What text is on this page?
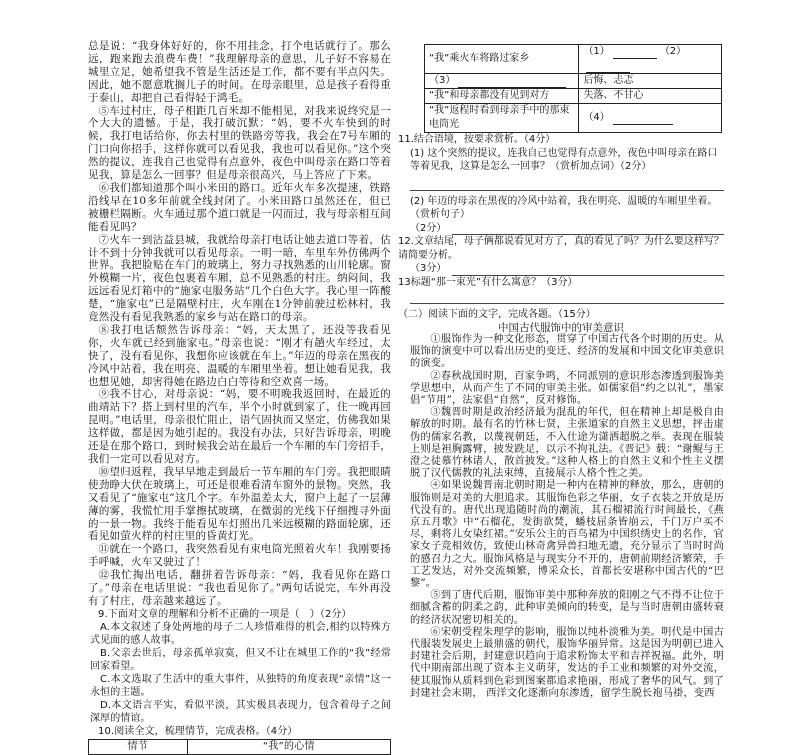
总是说：“我身体好好的，你不用挂念，打个电话就行了。那么远，跑来跑去浪费车费！”我理解母亲的意思，儿子好不容易在城里立足，她希望我不管是生活还是工作，都不要有半点闪失。因此，她不愿意耽搁儿子的时间。在母亲眼里，总是孩子看得重于泰山，却把自己看得轻于鸿毛。

⑤车过村庄，母子相距几百米却不能相见，对我来说终究是一个大大的遗憾。于是，我打破沉默：“妈，要不火车快到的时候，我打电话给你，你去村里的铁路旁等我，我会在7号车厢的门口向你招手，这样你就可以看见我，我也可以看见你。”这个突然的提议，连我自己也觉得有点意外，夜色中叫母亲在路口等着见我，算是怎么一回事？但是母亲很高兴，马上答应了下来。

⑥我们都知道那个叫小米田的路口。近年火车多次提速，铁路沿线早在10多年前就全线封闭了。小米田路口虽然还在，但已被栅栏隔断。火车通过那个道口就是一闪而过，我与母亲相互间能看见吗？

⑦火车一到沾益县城，我就给母亲打电话让她去道口等着，估计不到十分钟我就可以看见母亲。一明一暗，车里车外仿佛两个世界。我把脸贴在车门的玻璃上，努力寻找熟悉的山川轮廓。窗外模糊一片，夜色包裹着车厢，总不见熟悉的村庄。纳闷间，我远远看见灯箱中的“施家屯服务站”几个白色大字。我心里一阵酸楚，“施家屯”已是隔壁村庄，火车刚在1分钟前驶过松林村，我竟然没有看见我熟悉的家乡与站在路口的母亲。

⑧我打电话颓然告诉母亲：“妈，天太黑了，还没等我看见你，火车就已经到施家屯。”母亲也说：“刚才有趟火车经过，太快了，没有看见你，我想你应该就在车上。”年迈的母亲在黑夜的冷风中站着，我在明亮、温暖的车厢里坐着。想让她看见我，我也想见她，却害得她在路边白白等待和空欢喜一场。

⑨我不甘心，对母亲说：“妈，要不明晚我返回时，在最近的曲靖站下？搭上到村里的汽车，半个小时就到家了，住一晚再回昆明。”电话里，母亲很忙阻止，语气固执而又坚定，仿佛我如果这样做，都是因为她引起的。我没有办法，只好告诉母亲，明晚还是在那个路口，到时候我会站在最后一个车厢的车门旁招手，我们一定可以看见对方。

⑩望归返程，我早早地走到最后一节车厢的车门旁。我把眼睛使劲睁大伏在玻璃上，可还是很难看清车窗外的景物。突然，我又看见了“施家屯”这几个字。车外温差太大，窗户上起了一层薄薄的雾，我慌忙用手掌擦拭玻璃，在微弱的光线下仔细搜寻外面的一景一物。我终于能看见车灯照出几米远模糊的路面轮廓，还看见如萤火样的村庄里的昏黄灯光。

⑪就在一个路口，我突然看见有束电筒光照着火车！我刚要扬手呼喊，火车又驶过了！

⑫我忙掏出电话，翻拼着告诉母亲：“妈，我看见你在路口了。”母亲在电话里说：“我也看见你了。”两句话说完，车外再没有了村庄，母亲越来越远了。

9.下面对文章的理解和分析不正确的一项是（　）（2分）

A.本文叙述了身处两地的母子二人珍惜难得的机会,相约以特殊方式见面的感人故事。

B.父亲去世后，母亲孤单寂寞，但又不让在城里工作的“我”经常回家看望。

C.本文选取了生活中的重大事件，从独特的角度表现“亲情”这一永恒的主题。

D.本文语言平实，看似平淡，其实极具表现力，包含着母子之间深厚的情谊。

10.阅读全文，梳理情节，完成表格。（4分）

情节	“我”的心情
“我”乘火车将路过家乡	（1） （2）
（3）	后悔、忐忑
“我”和母亲都没有见到对方	失落、不甘心
“我”返程时看到母亲手中的那束电筒光	（4）

11.结合语境，按要求赏析。（4分）

(1) 这个突然的提议，连我自己也觉得有点意外，夜色中叫母亲在路口等着见我，这算是怎么一回事？（赏析加点词）（2分）

(2) 年迈的母亲在黑夜的冷风中站着，我在明亮、温暖的车厢里坐着。（赏析句子）

（2分）

12.文章结尾，母子俩都说看见对方了，真的看见了吗？为什么要这样写？请简要分析。

（3分）

13标题“那一束光”有什么寓意？（3分）

（二）阅读下面的文字，完成各题。（15分）

中国古代服饰中的审美意识

①服饰作为一种文化形态，贯穿了中国古代各个时期的历史。从服饰的演变中可以看出历史的变迁、经济的发展和中国文化审美意识的演变。

②春秋战国时期，百家争鸣，不同派别的意识形态渗透到服饰美学思想中，从而产生了不同的审美主张。如儒家倡“约之以礼”，墨家倡“节用”，法家倡“自然”，反对修饰。

③魏晋时期是政治经济最为混乱的年代，但在精神上却是极自由解放的时期。最有名的竹林七贤，主张道家的自然主义思想，抨击虚伪的儒家名教，以蔑视朝廷，不入仕途为潇洒超脱之举。表现在服装上则是袒胸露臂，披发跣足，以示不拘礼法。《晋记》载：“谢鲲与王澄之徒慕竹林诸人，散首披发。”这种人格上的自然主义和个性主义摆脱了汉代儒教的礼法束缚，直接展示人格个性之美。

④如果说魏晋南北朝时期是一种内在精神的释放，那么，唐朝的服饰则是对美的大胆追求。其服饰色彩之华丽，女子衣装之开放是历代没有的。唐代出现追随时尚的潮流，其石榴裙流行时间最长，《燕京五月歌》中“石榴花，发街欲焚，蟠枝屈条皆崩云，千门万户买不尽，剩将儿女染红裙。”安乐公主的百鸟裙为中国织绣史上的名作，官家女子竞相效仿，致使山林奇禽异兽扫地无遗，充分显示了当时时尚的感召力之大。服饰风格是与现实分不开的，唐朝前期经济繁荣，手工艺发达，对外交流频繁，博采众长，首都长安堪称中国古代的“巴黎”。

⑤到了唐代后期，服饰审美中那种奔放的阳刚之气不得不让位于细腻含蓄的阴柔之韵，此种审美倾向的转变，是与当时唐朝由盛转衰的经济状况密切相关的。

⑥宋朝受程朱理学的影响，服饰以纯朴淡雅为美。明代是中国古代服装发展史上最鼎盛的朝代，服饰华丽异常。这是因为明朝已进入封建社会后期，封建意识趋向于追求粉饰太平和吉祥祝福。此外，明代中期南部出现了资本主义萌芽，发达的手工业和频繁的对外交流，使其服饰从质料到色彩到图案都追求艳丽，形成了奢华的风气。到了封建社会末期， 西洋文化逐渐向东渗透，留学生脱长袍马褂，变西
